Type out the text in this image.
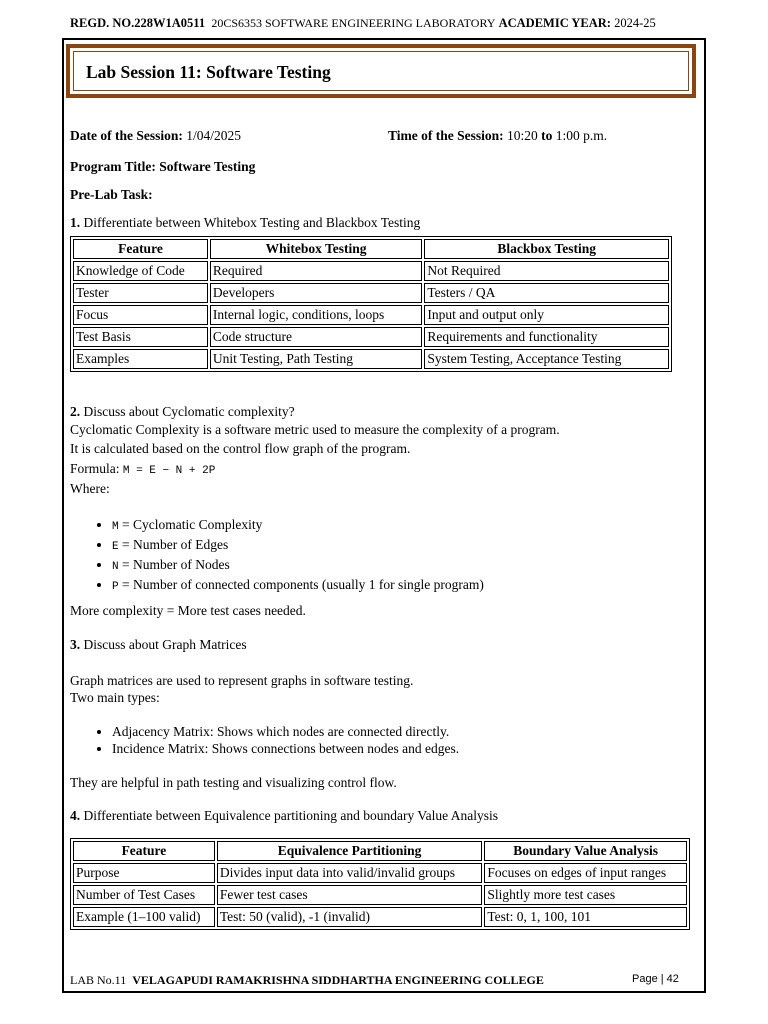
REGD. NO.228W1A0511 20CS6353 SOFTWARE ENGINEERING LABORATORY ACADEMIC YEAR: 2024-25
Lab Session 11: Software Testing
Date of the Session: 1/04/2025	Time of the Session: 10:20 to 1:00 p.m.
Program Title: Software Testing
Pre-Lab Task:
1. Differentiate between Whitebox Testing and Blackbox Testing
Feature	Whitebox Testing	Blackbox Testing
Knowledge of Code	Required	Not Required
Tester	Developers	Testers / QA
Focus	Internal logic, conditions, loops	Input and output only
Test Basis	Code structure	Requirements and functionality
Examples	Unit Testing, Path Testing	System Testing, Acceptance Testing
2. Discuss about Cyclomatic complexity?
Cyclomatic Complexity is a software metric used to measure the complexity of a program.
It is calculated based on the control flow graph of the program.
Formula: M = E − N + 2P
Where:
• M = Cyclomatic Complexity
• E = Number of Edges
• N = Number of Nodes
• P = Number of connected components (usually 1 for single program)
More complexity = More test cases needed.
3. Discuss about Graph Matrices
Graph matrices are used to represent graphs in software testing.
Two main types:
• Adjacency Matrix: Shows which nodes are connected directly.
• Incidence Matrix: Shows connections between nodes and edges.
They are helpful in path testing and visualizing control flow.
4. Differentiate between Equivalence partitioning and boundary Value Analysis
Feature	Equivalence Partitioning	Boundary Value Analysis
Purpose	Divides input data into valid/invalid groups	Focuses on edges of input ranges
Number of Test Cases	Fewer test cases	Slightly more test cases
Example (1–100 valid)	Test: 50 (valid), -1 (invalid)	Test: 0, 1, 100, 101
LAB No.11 VELAGAPUDI RAMAKRISHNA SIDDHARTHA ENGINEERING COLLEGE	Page | 42
